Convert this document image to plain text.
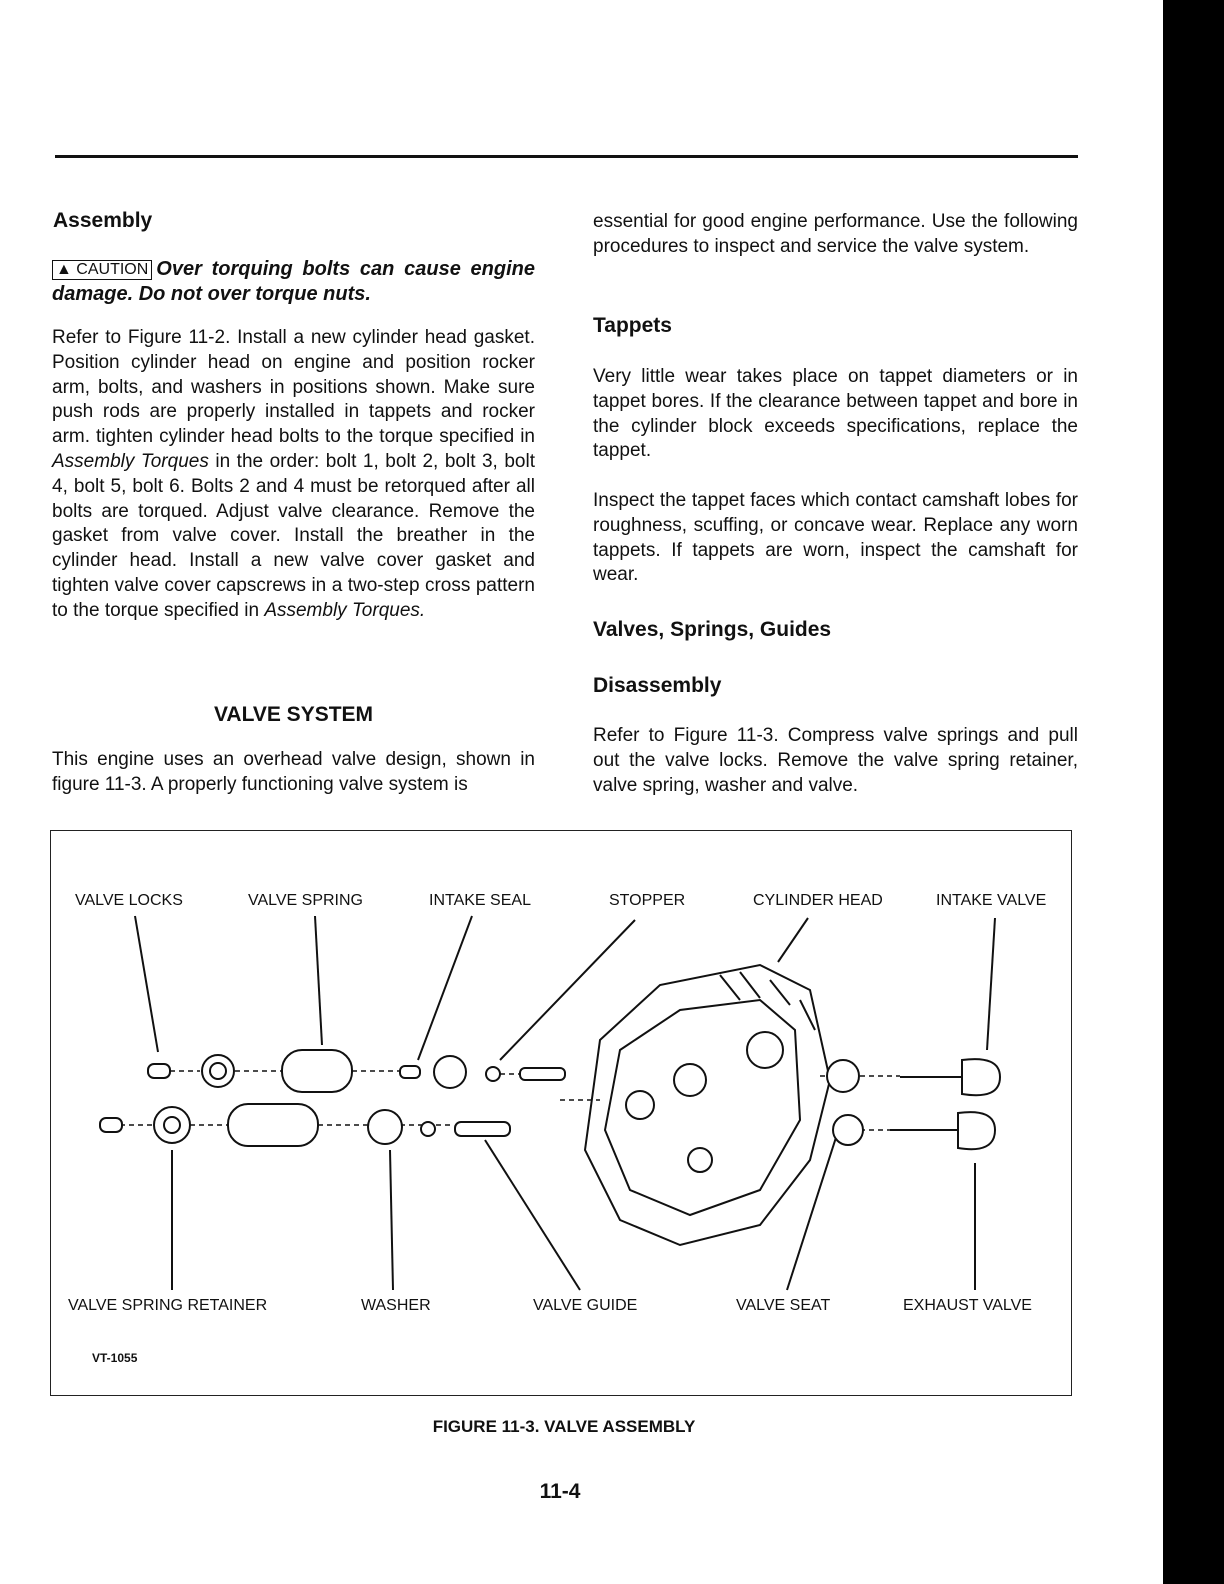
Assembly
▲ CAUTION Over torquing bolts can cause engine damage. Do not over torque nuts.
Refer to Figure 11-2. Install a new cylinder head gasket. Position cylinder head on engine and position rocker arm, bolts, and washers in positions shown. Make sure push rods are properly installed in tappets and rocker arm. tighten cylinder head bolts to the torque specified in Assembly Torques in the order: bolt 1, bolt 2, bolt 3, bolt 4, bolt 5, bolt 6. Bolts 2 and 4 must be retorqued after all bolts are torqued. Adjust valve clearance. Remove the gasket from valve cover. Install the breather in the cylinder head. Install a new valve cover gasket and tighten valve cover capscrews in a two-step cross pattern to the torque specified in Assembly Torques.
VALVE SYSTEM
This engine uses an overhead valve design, shown in figure 11-3. A properly functioning valve system is
essential for good engine performance. Use the following procedures to inspect and service the valve system.
Tappets
Very little wear takes place on tappet diameters or in tappet bores. If the clearance between tappet and bore in the cylinder block exceeds specifications, replace the tappet.
Inspect the tappet faces which contact camshaft lobes for roughness, scuffing, or concave wear. Replace any worn tappets. If tappets are worn, inspect the camshaft for wear.
Valves, Springs, Guides
Disassembly
Refer to Figure 11-3. Compress valve springs and pull out the valve locks. Remove the valve spring retainer, valve spring, washer and valve.
VALVE LOCKS	VALVE SPRING	INTAKE SEAL	STOPPER	CYLINDER HEAD	INTAKE VALVE
VALVE SPRING RETAINER	WASHER	VALVE GUIDE	VALVE SEAT	EXHAUST VALVE
VT-1055
FIGURE 11-3. VALVE ASSEMBLY
11-4
